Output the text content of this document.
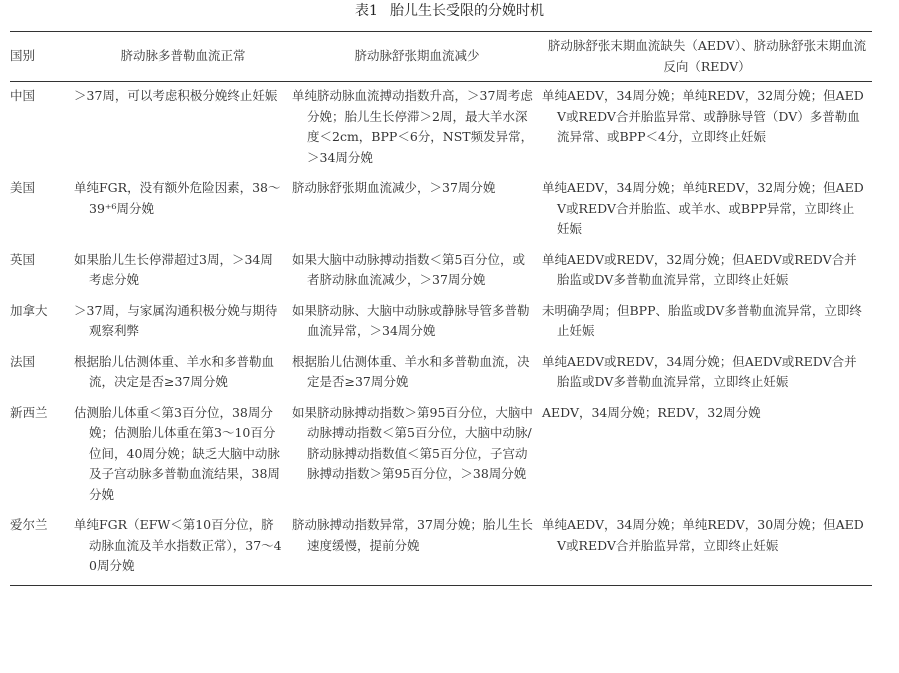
表1 胎儿生长受限的分娩时机
国别	脐动脉多普勒血流正常	脐动脉舒张期血流减少	脐动脉舒张末期血流缺失（AEDV）、脐动脉舒张末期血流反向（REDV）
中国	＞37周，可以考虑积极分娩终止妊娠	单纯脐动脉血流搏动指数升高，＞37周考虑分娩；胎儿生长停滞＞2周，最大羊水深度＜2cm，BPP＜6分，NST频发异常，＞34周分娩	单纯AEDV，34周分娩；单纯REDV，32周分娩；但AEDV或REDV合并胎监异常、或静脉导管（DV）多普勒血流异常、或BPP＜4分，立即终止妊娠

美国	单纯FGR，没有额外危险因素，38～39⁺⁶周分娩	脐动脉舒张期血流减少，＞37周分娩	单纯AEDV，34周分娩；单纯REDV，32周分娩；但AEDV或REDV合并胎监、或羊水、或BPP异常，立即终止妊娠

英国	如果胎儿生长停滞超过3周，＞34周考虑分娩	如果大脑中动脉搏动指数＜第5百分位，或者脐动脉血流减少，＞37周分娩	单纯AEDV或REDV，32周分娩；但AEDV或REDV合并胎监或DV多普勒血流异常，立即终止妊娠

加拿大	＞37周，与家属沟通积极分娩与期待观察利弊	如果脐动脉、大脑中动脉或静脉导管多普勒血流异常，＞34周分娩	未明确孕周；但BPP、胎监或DV多普勒血流异常，立即终止妊娠

法国	根据胎儿估测体重、羊水和多普勒血流，决定是否≥37周分娩	根据胎儿估测体重、羊水和多普勒血流，决定是否≥37周分娩	单纯AEDV或REDV，34周分娩；但AEDV或REDV合并胎监或DV多普勒血流异常，立即终止妊娠

新西兰	估测胎儿体重＜第3百分位，38周分娩；估测胎儿体重在第3～10百分位间，40周分娩；缺乏大脑中动脉及子宫动脉多普勒血流结果，38周分娩	如果脐动脉搏动指数＞第95百分位，大脑中动脉搏动指数＜第5百分位，大脑中动脉/脐动脉搏动指数值＜第5百分位，子宫动脉搏动指数＞第95百分位，＞38周分娩	AEDV，34周分娩；REDV，32周分娩

爱尔兰	单纯FGR（EFW＜第10百分位，脐动脉血流及羊水指数正常），37～40周分娩	脐动脉搏动指数异常，37周分娩；胎儿生长速度缓慢，提前分娩	单纯AEDV，34周分娩；单纯REDV，30周分娩；但AEDV或REDV合并胎监异常，立即终止妊娠
